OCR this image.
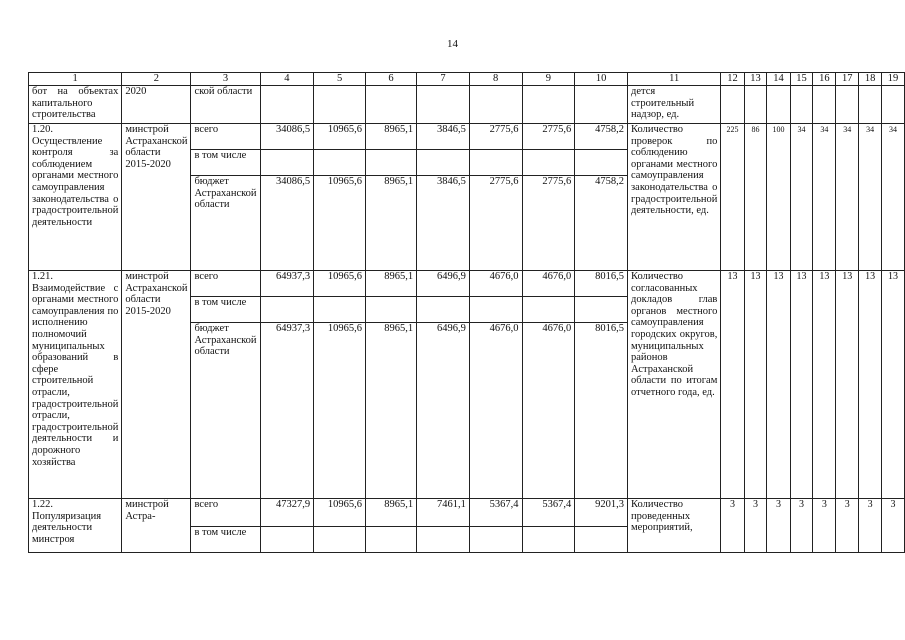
14
1	2	3	4	5	6	7	8	9	10	11	12	13	14	15	16	17	18	19
бот на объектах капитального строительства	2020	ской области								дется строительный надзор, ед.								
1.20. Осуществление контроля за соблюдением органами местного самоуправления законодательства о градостроительной деятельности	минстрой Астраханской области 2015-2020	всего	34086,5	10965,6	8965,1	3846,5	2775,6	2775,6	4758,2	Количество проверок по соблюдению органами местного самоуправления законодательства о градостроительной деятельности, ед.	225	86	100	34	34	34	34	34
		в том числе																
		бюджет Астраханской области	34086,5	10965,6	8965,1	3846,5	2775,6	2775,6	4758,2									
1.21. Взаимодействие с органами местного самоуправления по исполнению полномочий муниципальных образований в сфере строительной отрасли, градостроительной отрасли, градостроительной деятельности и дорожного хозяйства	минстрой Астраханской области 2015-2020	всего	64937,3	10965,6	8965,1	6496,9	4676,0	4676,0	8016,5	Количество согласованных докладов глав органов местного самоуправления городских округов, муниципальных районов Астраханской области по итогам отчетного года, ед.	13	13	13	13	13	13	13	13
		в том числе																
		бюджет Астраханской области	64937,3	10965,6	8965,1	6496,9	4676,0	4676,0	8016,5									
1.22. Популяризация деятельности минстроя	минстрой Астра-	всего	47327,9	10965,6	8965,1	7461,1	5367,4	5367,4	9201,3	Количество проведенных мероприятий,	3	3	3	3	3	3	3	3
		в том числе																
